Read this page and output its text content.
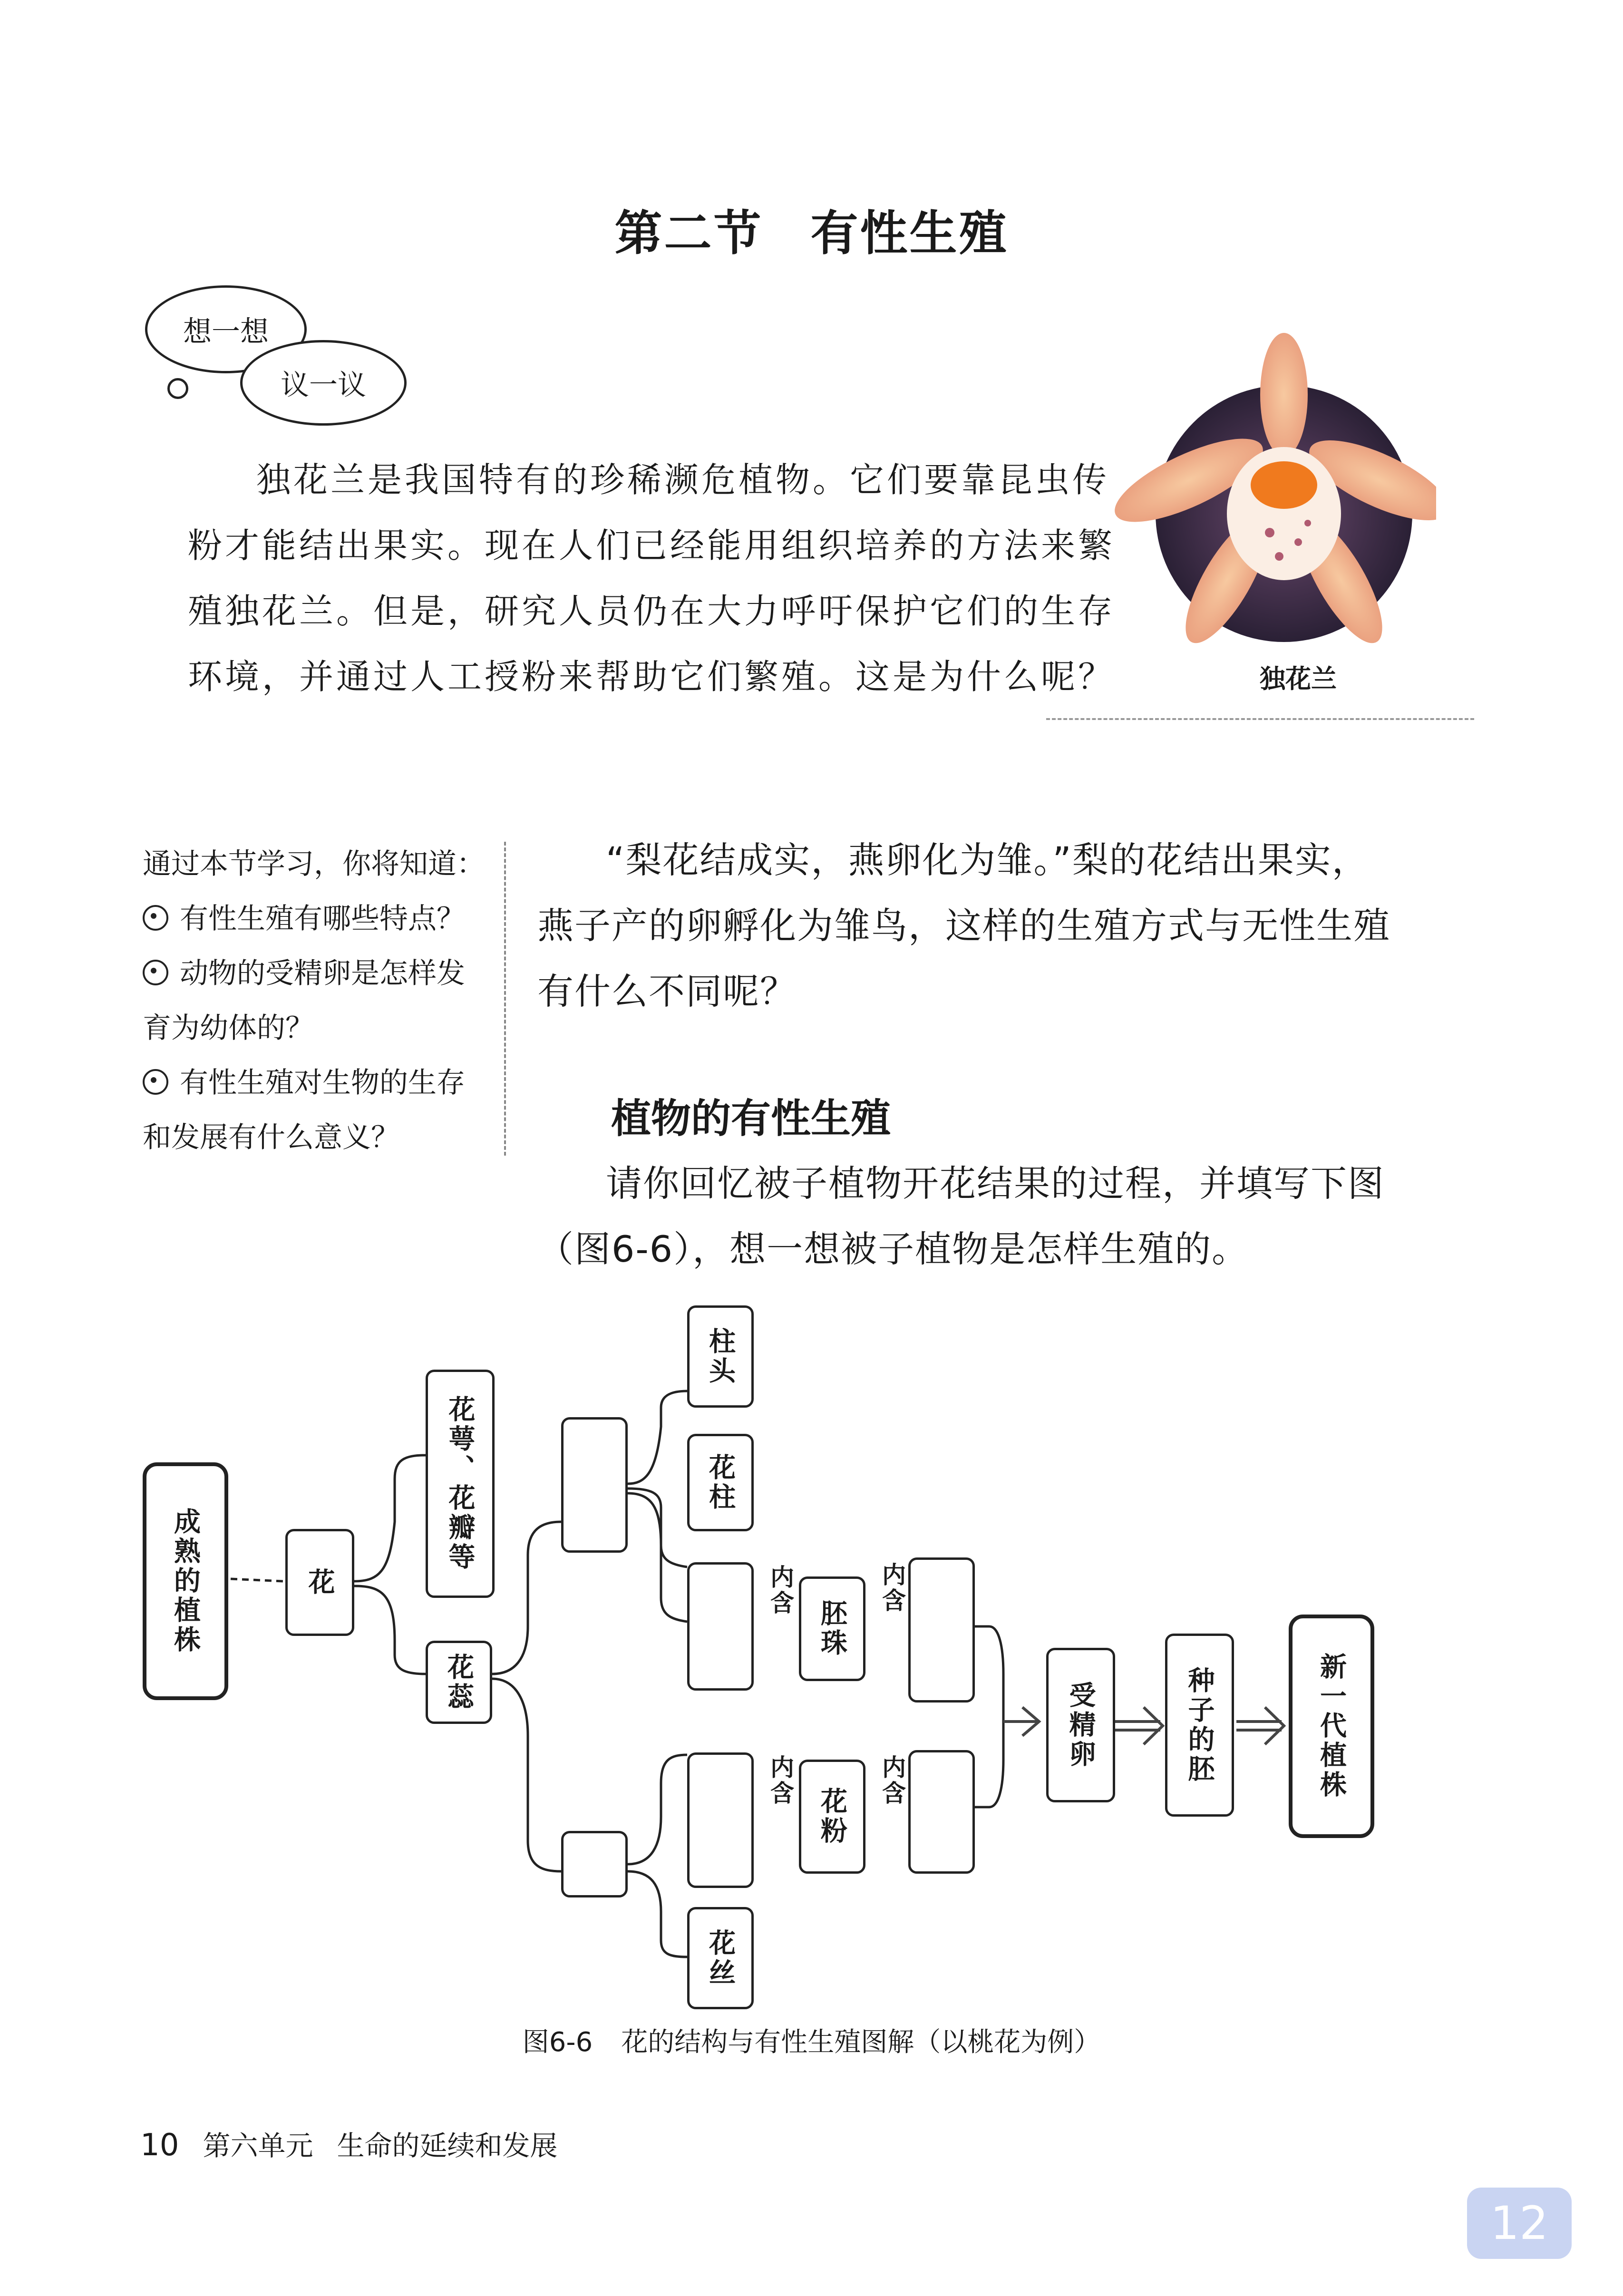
第二节 有性生殖
想一想
议一议
独花兰是我国特有的珍稀濒危植物。它们要靠昆虫传粉才能结出果实。现在人们已经能用组织培养的方法来繁殖独花兰。但是，研究人员仍在大力呼吁保护它们的生存环境，并通过人工授粉来帮助它们繁殖。这是为什么呢？	独花兰
通过本节学习，你将知道：
有性生殖有哪些特点？
动物的受精卵是怎样发育为幼体的？
有性生殖对生物的生存和发展有什么意义？
“梨花结成实，燕卵化为雏。”梨的花结出果实，燕子产的卵孵化为雏鸟，这样的生殖方式与无性生殖有什么不同呢？
植物的有性生殖
请你回忆被子植物开花结果的过程，并填写下图（图6-6），想一想被子植物是怎样生殖的。
成熟的植株	花
花萼、花瓣等
花蕊
柱头
花柱
内含
胚珠
内含
内含
花粉
内含
花丝
受精卵	种子的胚	新一代植株
图6-6 花的结构与有性生殖图解（以桃花为例）
10 第六单元 生命的延续和发展
12
